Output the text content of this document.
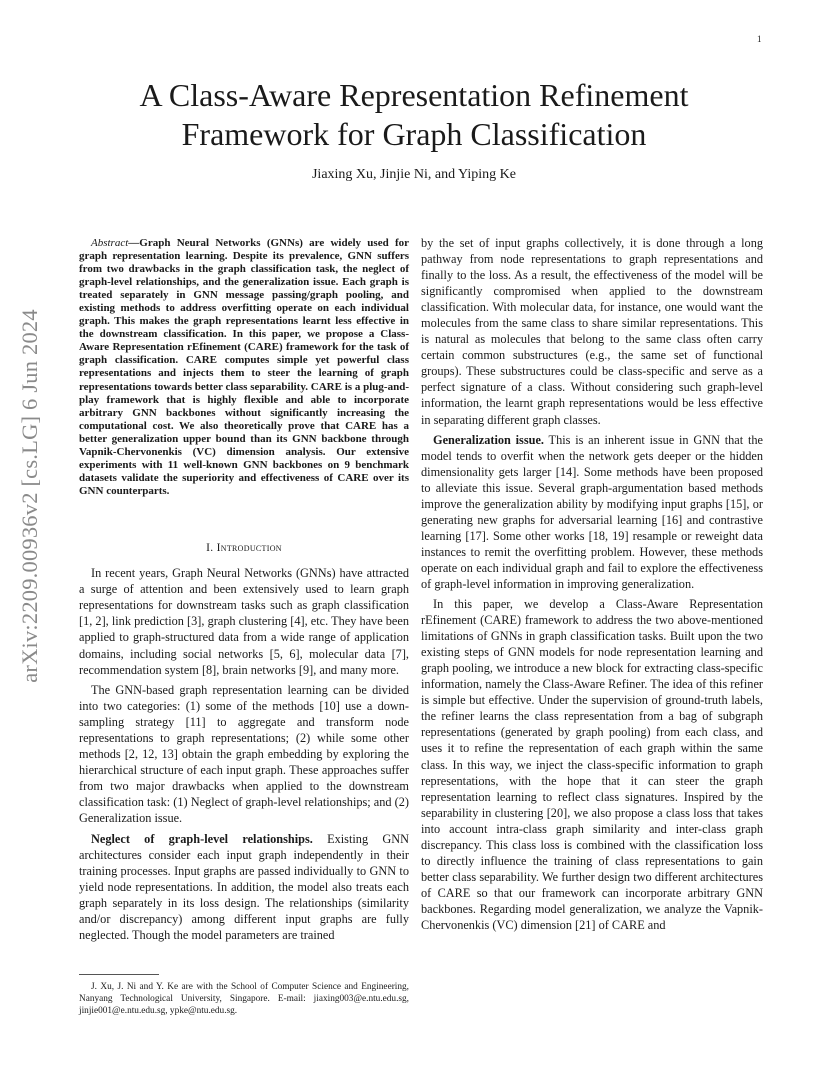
1
arXiv:2209.00936v2 [cs.LG] 6 Jun 2024
A Class-Aware Representation Refinement
Framework for Graph Classification
Jiaxing Xu, Jinjie Ni, and Yiping Ke

Abstract—Graph Neural Networks (GNNs) are widely used for graph representation learning. Despite its prevalence, GNN suffers from two drawbacks in the graph classification task, the neglect of graph-level relationships, and the generalization issue. Each graph is treated separately in GNN message passing/graph pooling, and existing methods to address overfitting operate on each individual graph. This makes the graph representations learnt less effective in the downstream classification. In this paper, we propose a Class-Aware Representation rEfinement (CARE) framework for the task of graph classification. CARE computes simple yet powerful class representations and injects them to steer the learning of graph representations towards better class separability. CARE is a plug-and-play framework that is highly flexible and able to incorporate arbitrary GNN backbones without significantly increasing the computational cost. We also theoretically prove that CARE has a better generalization upper bound than its GNN backbone through Vapnik-Chervonenkis (VC) dimension analysis. Our extensive experiments with 11 well-known GNN backbones on 9 benchmark datasets validate the superiority and effectiveness of CARE over its GNN counterparts.

I. Introduction

In recent years, Graph Neural Networks (GNNs) have attracted a surge of attention and been extensively used to learn graph representations for downstream tasks such as graph classification [1, 2], link prediction [3], graph clustering [4], etc. They have been applied to graph-structured data from a wide range of application domains, including social networks [5, 6], molecular data [7], recommendation system [8], brain networks [9], and many more.

The GNN-based graph representation learning can be divided into two categories: (1) some of the methods [10] use a down-sampling strategy [11] to aggregate and transform node representations to graph representations; (2) while some other methods [2, 12, 13] obtain the graph embedding by exploring the hierarchical structure of each input graph. These approaches suffer from two major drawbacks when applied to the downstream classification task: (1) Neglect of graph-level relationships; and (2) Generalization issue.

Neglect of graph-level relationships. Existing GNN architectures consider each input graph independently in their training processes. Input graphs are passed individually to GNN to yield node representations. In addition, the model also treats each graph separately in its loss design. The relationships (similarity and/or discrepancy) among different input graphs are fully neglected. Though the model parameters are trained

J. Xu, J. Ni and Y. Ke are with the School of Computer Science and Engineering, Nanyang Technological University, Singapore. E-mail: jiaxing003@e.ntu.edu.sg, jinjie001@e.ntu.edu.sg, ypke@ntu.edu.sg.

by the set of input graphs collectively, it is done through a long pathway from node representations to graph representations and finally to the loss. As a result, the effectiveness of the model will be significantly compromised when applied to the downstream classification. With molecular data, for instance, one would want the molecules from the same class to share similar representations. This is natural as molecules that belong to the same class often carry certain common substructures (e.g., the same set of functional groups). These substructures could be class-specific and serve as a perfect signature of a class. Without considering such graph-level information, the learnt graph representations would be less effective in separating different graph classes.

Generalization issue. This is an inherent issue in GNN that the model tends to overfit when the network gets deeper or the hidden dimensionality gets larger [14]. Some methods have been proposed to alleviate this issue. Several graph-argumentation based methods improve the generalization ability by modifying input graphs [15], or generating new graphs for adversarial learning [16] and contrastive learning [17]. Some other works [18, 19] resample or reweight data instances to remit the overfitting problem. However, these methods operate on each individual graph and fail to explore the effectiveness of graph-level information in improving generalization.

In this paper, we develop a Class-Aware Representation rEfinement (CARE) framework to address the two above-mentioned limitations of GNNs in graph classification tasks. Built upon the two existing steps of GNN models for node representation learning and graph pooling, we introduce a new block for extracting class-specific information, namely the Class-Aware Refiner. The idea of this refiner is simple but effective. Under the supervision of ground-truth labels, the refiner learns the class representation from a bag of subgraph representations (generated by graph pooling) from each class, and uses it to refine the representation of each graph within the same class. In this way, we inject the class-specific information to graph representations, with the hope that it can steer the graph representation learning to reflect class signatures. Inspired by the separability in clustering [20], we also propose a class loss that takes into account intra-class graph similarity and inter-class graph discrepancy. This class loss is combined with the classification loss to directly influence the training of class representations to gain better class separability. We further design two different architectures of CARE so that our framework can incorporate arbitrary GNN backbones. Regarding model generalization, we analyze the Vapnik-Chervonenkis (VC) dimension [21] of CARE and
